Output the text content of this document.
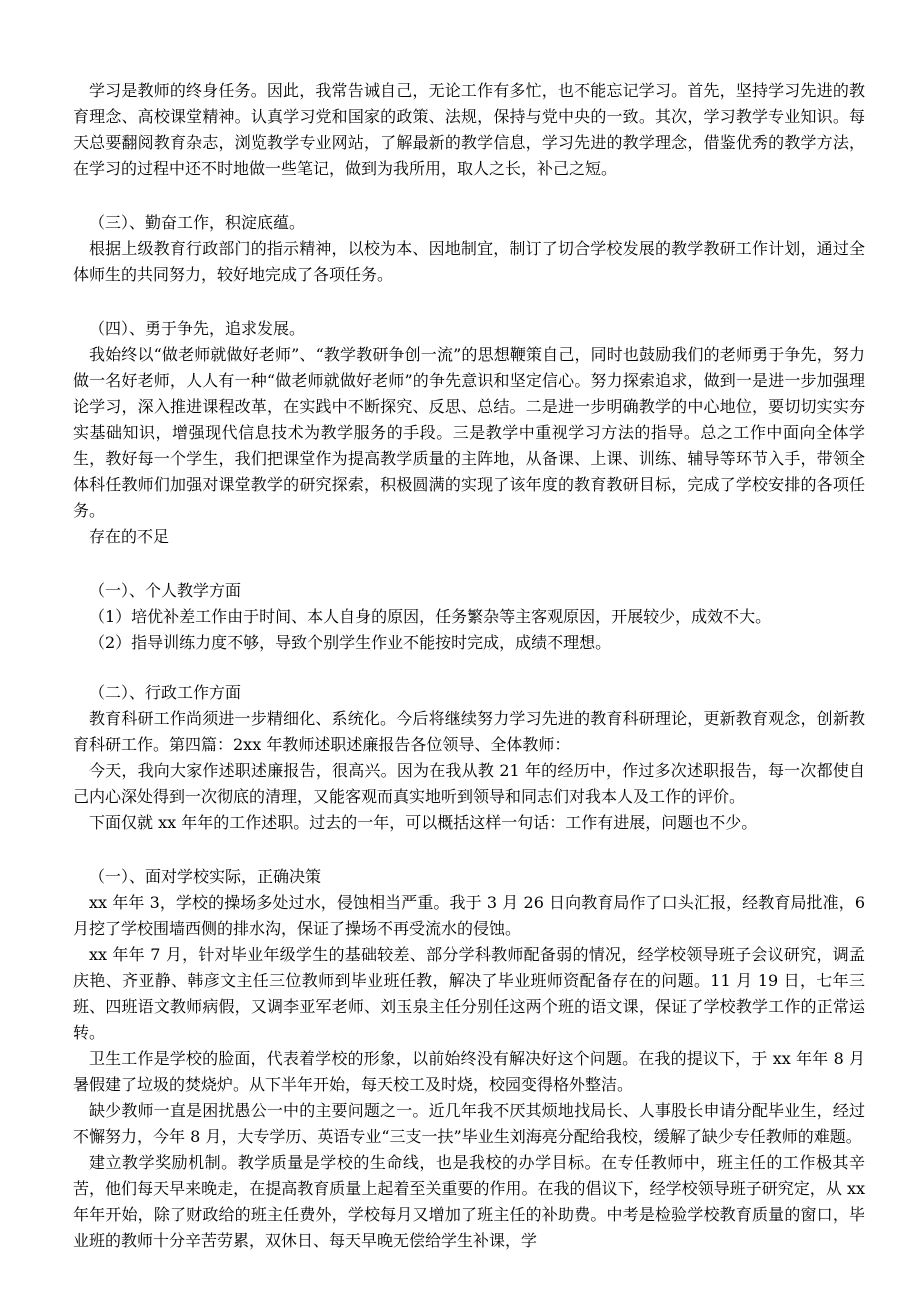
学习是教师的终身任务。因此，我常告诫自己，无论工作有多忙，也不能忘记学习。首先，坚持学习先进的教育理念、高校课堂精神。认真学习党和国家的政策、法规，保持与党中央的一致。其次，学习教学专业知识。每天总要翻阅教育杂志，浏览教学专业网站，了解最新的教学信息，学习先进的教学理念，借鉴优秀的教学方法，在学习的过程中还不时地做一些笔记，做到为我所用，取人之长，补己之短。

（三）、勤奋工作，积淀底蕴。

根据上级教育行政部门的指示精神，以校为本、因地制宜，制订了切合学校发展的教学教研工作计划，通过全体师生的共同努力，较好地完成了各项任务。

（四）、勇于争先，追求发展。

我始终以“做老师就做好老师”、“教学教研争创一流”的思想鞭策自己，同时也鼓励我们的老师勇于争先，努力做一名好老师，人人有一种“做老师就做好老师”的争先意识和坚定信心。努力探索追求，做到一是进一步加强理论学习，深入推进课程改革，在实践中不断探究、反思、总结。二是进一步明确教学的中心地位，要切切实实夯实基础知识，增强现代信息技术为教学服务的手段。三是教学中重视学习方法的指导。总之工作中面向全体学生，教好每一个学生，我们把课堂作为提高教学质量的主阵地，从备课、上课、训练、辅导等环节入手，带领全体科任教师们加强对课堂教学的研究探索，积极圆满的实现了该年度的教育教研目标，完成了学校安排的各项任务。

存在的不足

（一）、个人教学方面

（1）培优补差工作由于时间、本人自身的原因，任务繁杂等主客观原因，开展较少，成效不大。

（2）指导训练力度不够，导致个别学生作业不能按时完成，成绩不理想。

（二）、行政工作方面

教育科研工作尚须进一步精细化、系统化。今后将继续努力学习先进的教育科研理论，更新教育观念，创新教育科研工作。第四篇：2xx 年教师述职述廉报告各位领导、全体教师：

今天，我向大家作述职述廉报告，很高兴。因为在我从教 21 年的经历中，作过多次述职报告，每一次都使自己内心深处得到一次彻底的清理，又能客观而真实地听到领导和同志们对我本人及工作的评价。

下面仅就 xx 年年的工作述职。过去的一年，可以概括这样一句话：工作有进展，问题也不少。

（一）、面对学校实际，正确决策

xx 年年 3，学校的操场多处过水，侵蚀相当严重。我于 3 月 26 日向教育局作了口头汇报，经教育局批准，6 月挖了学校围墙西侧的排水沟，保证了操场不再受流水的侵蚀。

xx 年年 7 月，针对毕业年级学生的基础较差、部分学科教师配备弱的情况，经学校领导班子会议研究，调孟庆艳、齐亚静、韩彦文主任三位教师到毕业班任教，解决了毕业班师资配备存在的问题。11 月 19 日，七年三班、四班语文教师病假，又调李亚军老师、刘玉泉主任分别任这两个班的语文课，保证了学校教学工作的正常运转。

卫生工作是学校的脸面，代表着学校的形象，以前始终没有解决好这个问题。在我的提议下，于 xx 年年 8 月暑假建了垃圾的焚烧炉。从下半年开始，每天校工及时烧，校园变得格外整洁。

缺少教师一直是困扰愚公一中的主要问题之一。近几年我不厌其烦地找局长、人事股长申请分配毕业生，经过不懈努力，今年 8 月，大专学历、英语专业“三支一扶”毕业生刘海亮分配给我校，缓解了缺少专任教师的难题。

建立教学奖励机制。教学质量是学校的生命线，也是我校的办学目标。在专任教师中，班主任的工作极其辛苦，他们每天早来晚走，在提高教育质量上起着至关重要的作用。在我的倡议下，经学校领导班子研究定，从 xx 年年开始，除了财政给的班主任费外，学校每月又增加了班主任的补助费。中考是检验学校教育质量的窗口，毕业班的教师十分辛苦劳累，双休日、每天早晚无偿给学生补课，学
